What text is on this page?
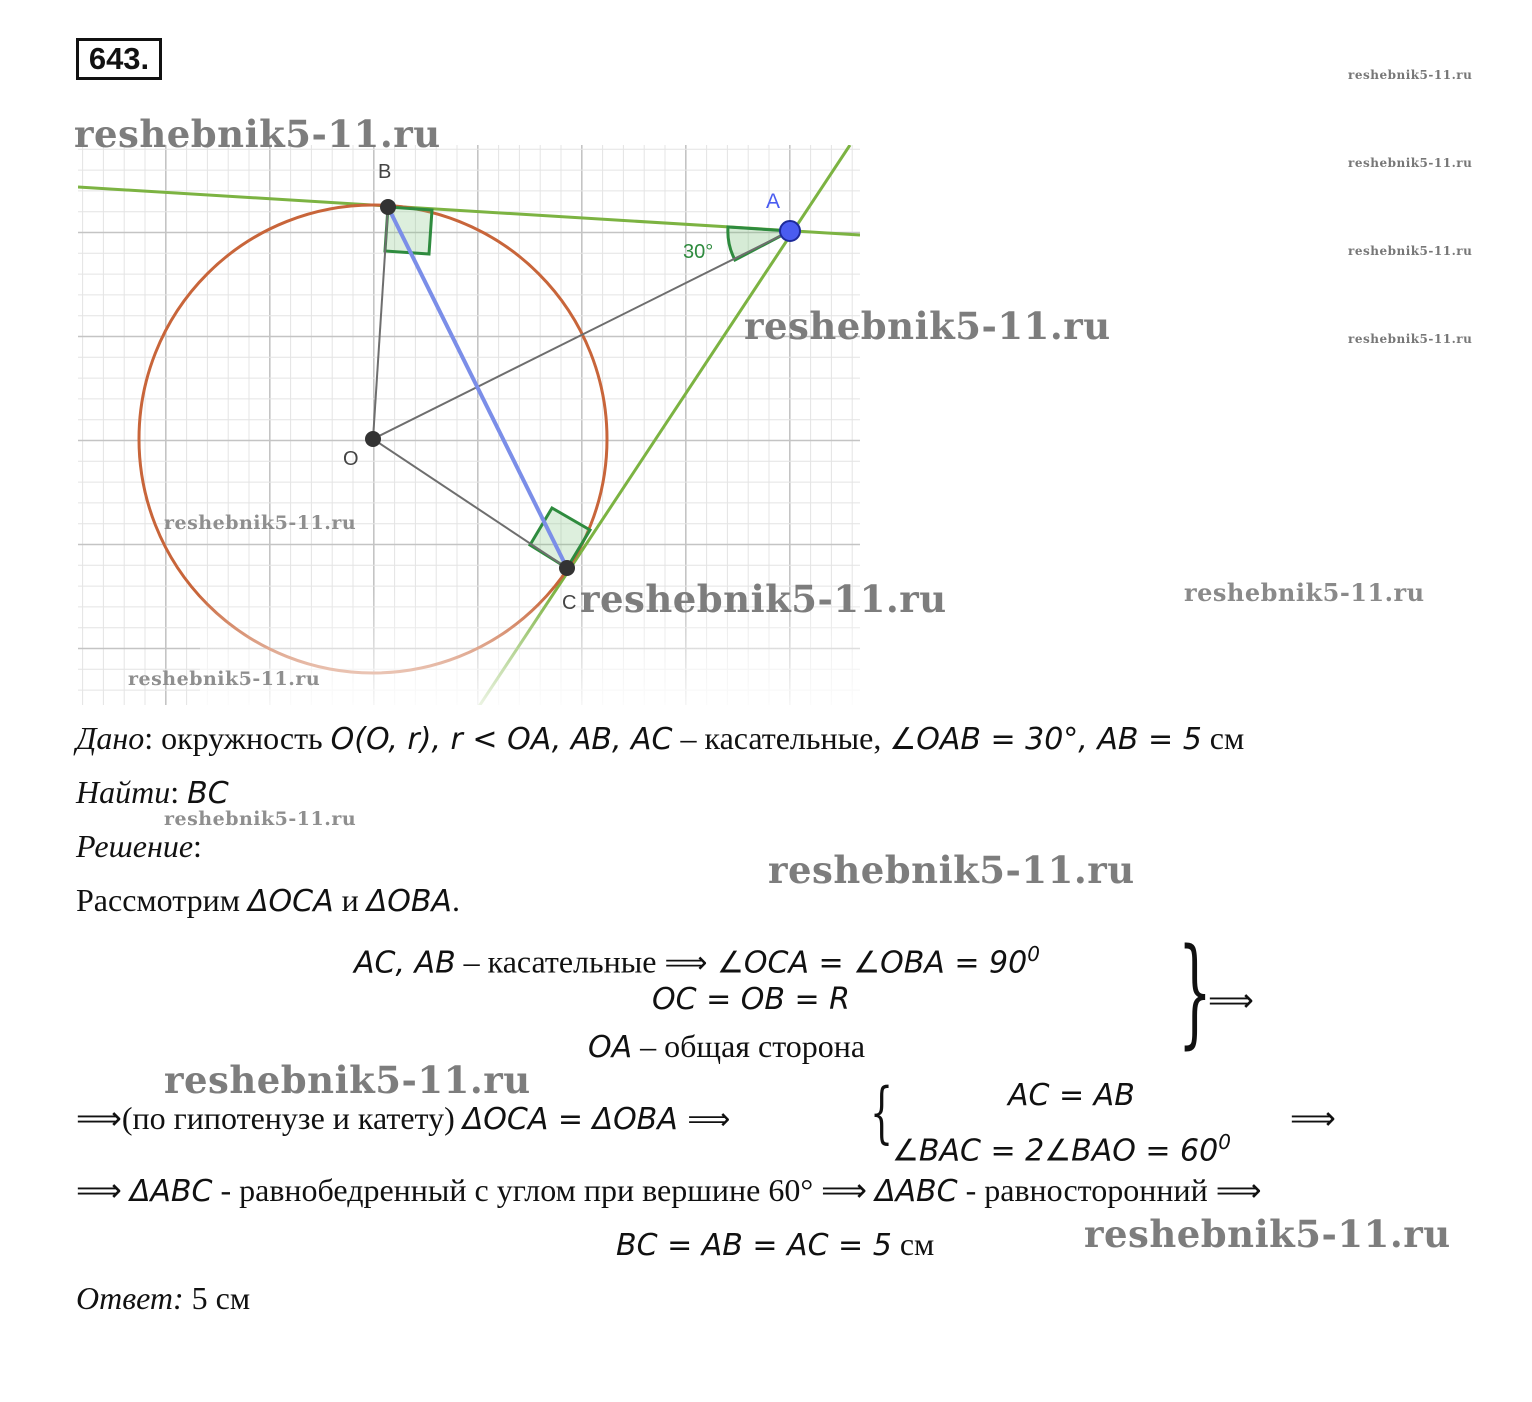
643.
B
A
O
C
30°
reshebnik5-11.ru
reshebnik5-11.ru
reshebnik5-11.ru
reshebnik5-11.ru
reshebnik5-11.ru
reshebnik5-11.ru
reshebnik5-11.ru
reshebnik5-11.ru	reshebnik5-11.ru
reshebnik5-11.ru
Дано: окружность O(O, r), r < OA, AB, AC – касательные, ∠OAB = 30°, AB = 5 см
Найти: BC
reshebnik5-11.ru
Решение:
reshebnik5-11.ru
Рассмотрим ΔOCA и ΔOBA.
AC, AB – касательные ⟹ ∠OCA = ∠OBA = $90^0$
OC = OB = R
OA – общая сторона	}
⟹
reshebnik5-11.ru
⟹(по гипотенузе и катету) ΔOCA = ΔOBA ⟹ {	AC = AB
∠BAC = 2∠BAO = $60^0$
⟹
⟹ ΔABC - равнобедренный с углом при вершине 60° ⟹ ΔABC - равносторонний ⟹
BC = AB = AC = 5 см	reshebnik5-11.ru
Ответ: 5 см
